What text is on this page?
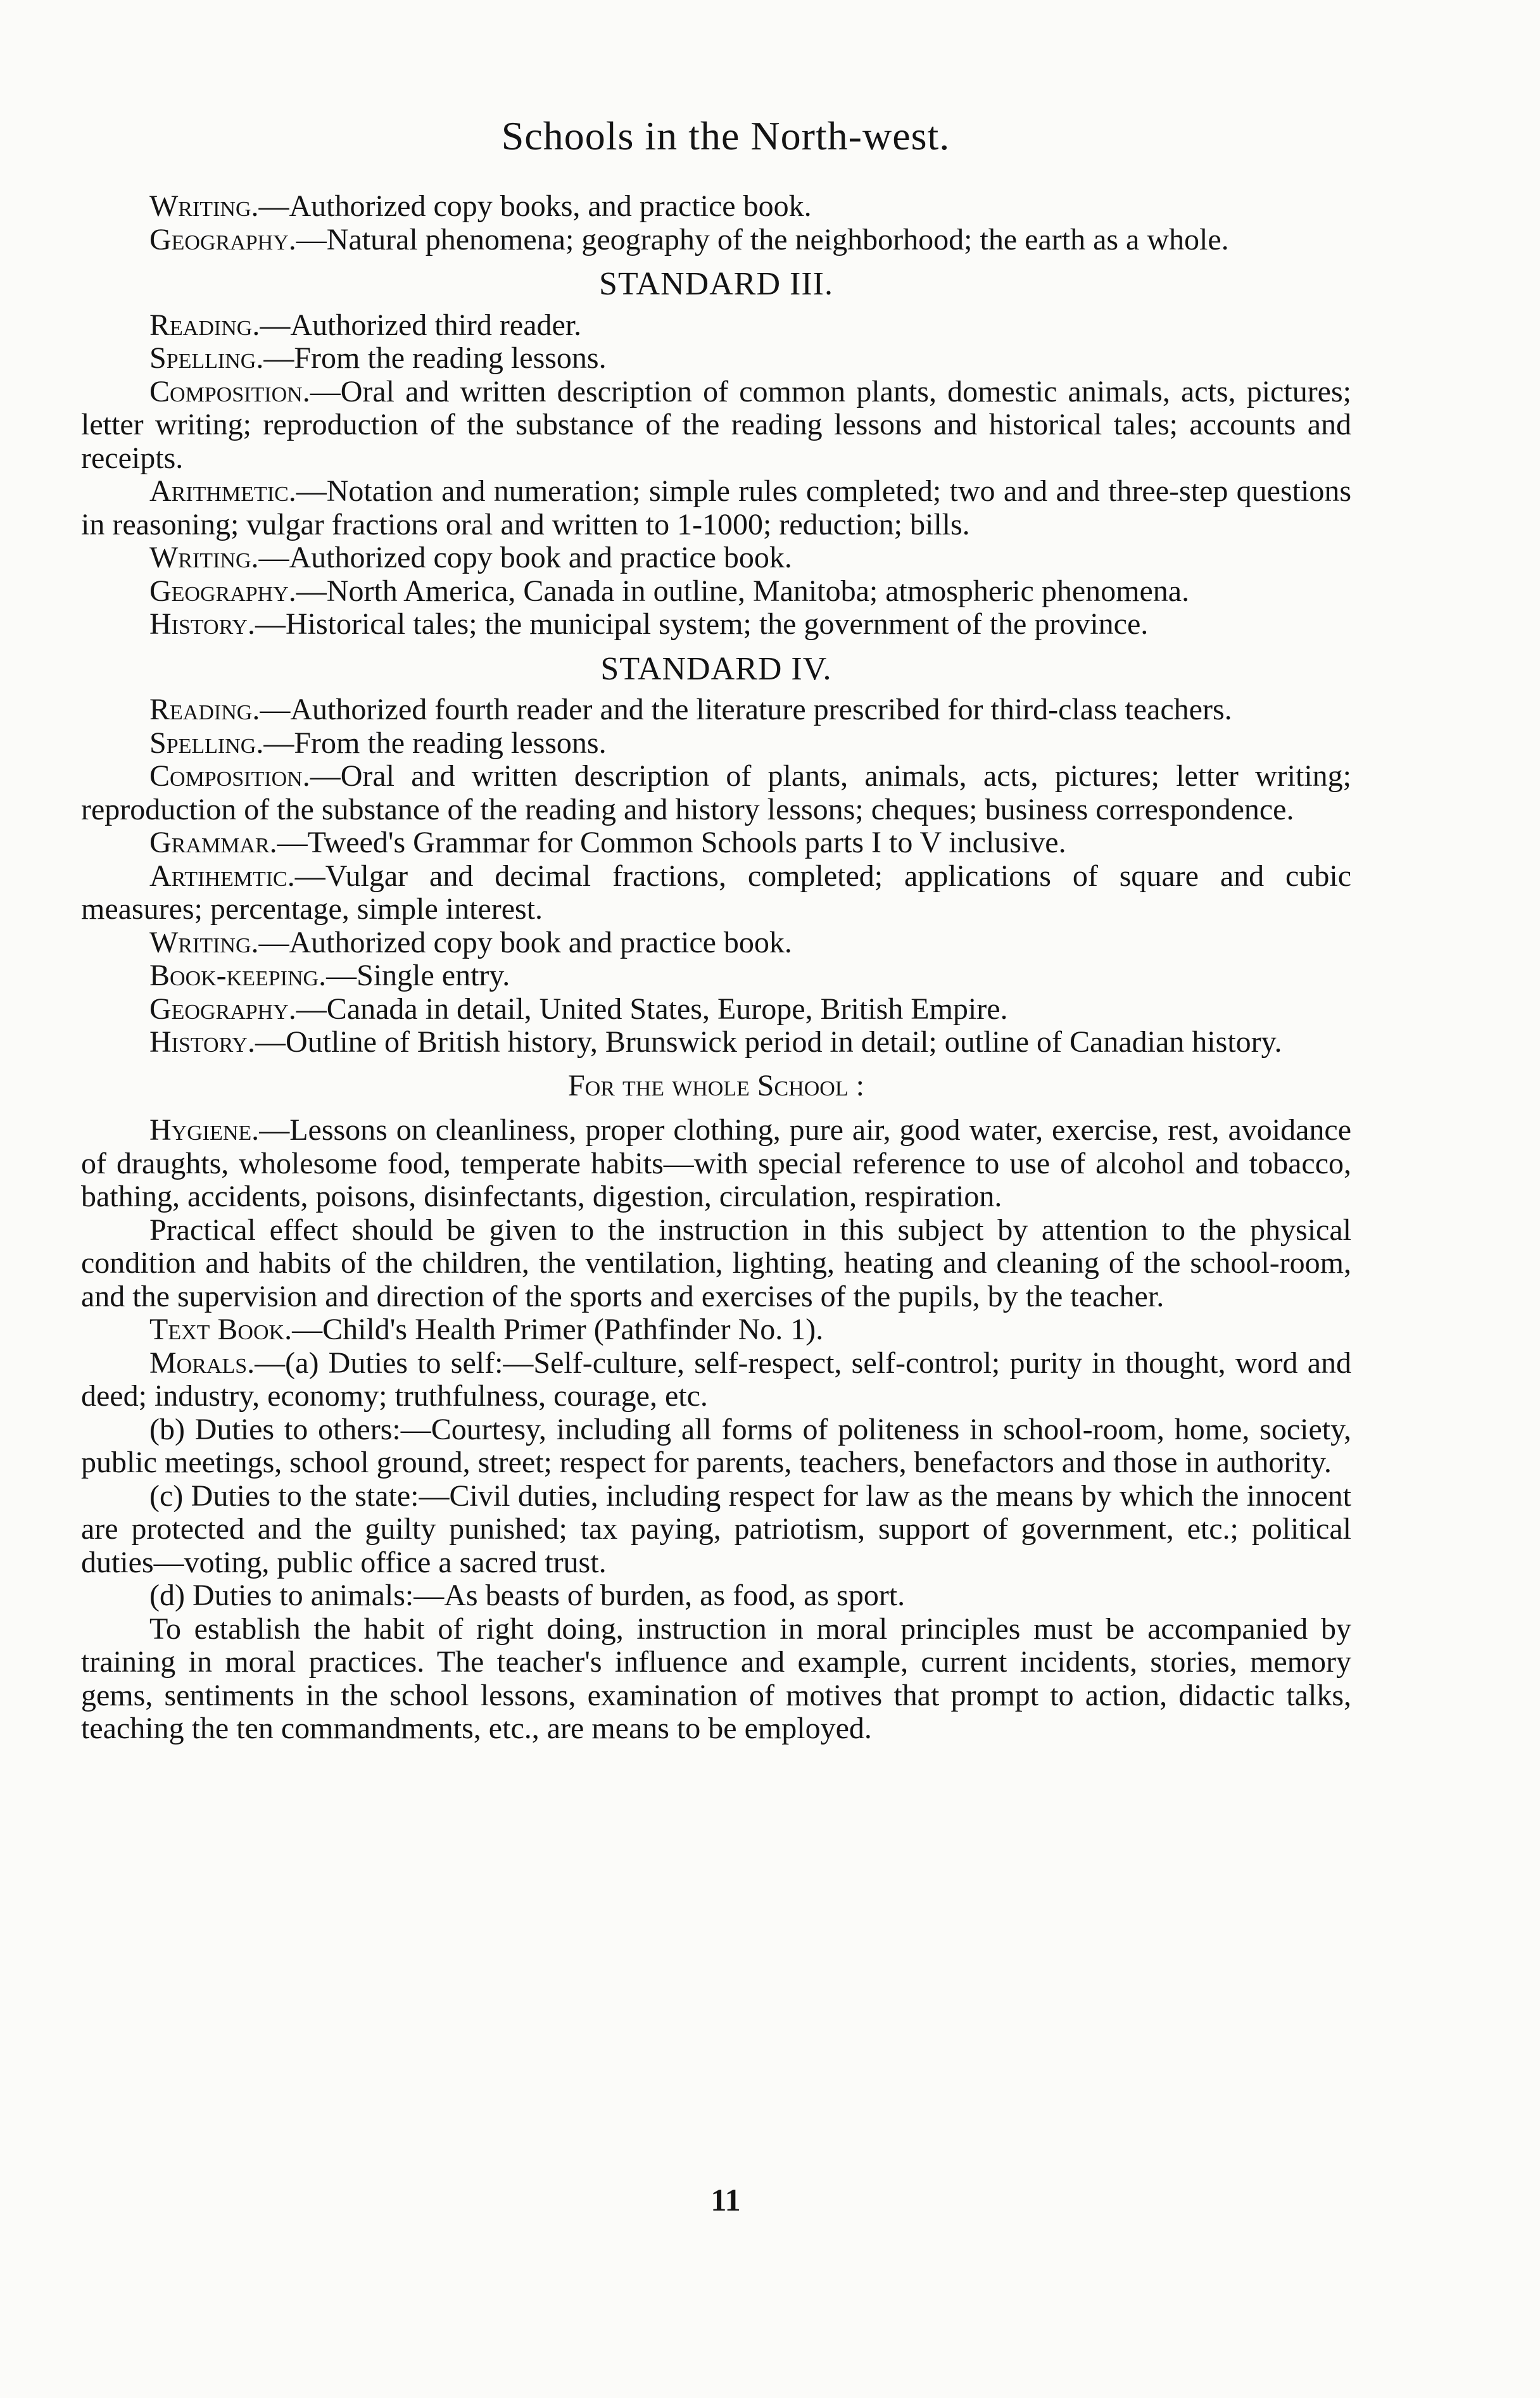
Schools in the North-west.

Writing.—Authorized copy books, and practice book.

Geography.—Natural phenomena; geography of the neighborhood; the earth as a whole.

STANDARD III.

Reading.—Authorized third reader.

Spelling.—From the reading lessons.

Composition.—Oral and written description of common plants, domestic animals, acts, pictures; letter writing; reproduction of the substance of the reading lessons and historical tales; accounts and receipts.

Arithmetic.—Notation and numeration; simple rules completed; two and and three-step questions in reasoning; vulgar fractions oral and written to 1-1000; reduction; bills.

Writing.—Authorized copy book and practice book.

Geography.—North America, Canada in outline, Manitoba; atmospheric phenomena.

History.—Historical tales; the municipal system; the government of the province.

STANDARD IV.

Reading.—Authorized fourth reader and the literature prescribed for third-class teachers.

Spelling.—From the reading lessons.

Composition.—Oral and written description of plants, animals, acts, pictures; letter writing; reproduction of the substance of the reading and history lessons; cheques; business correspondence.

Grammar.—Tweed's Grammar for Common Schools parts I to V inclusive.

Artihemtic.—Vulgar and decimal fractions, completed; applications of square and cubic measures; percentage, simple interest.

Writing.—Authorized copy book and practice book.

Book-keeping.—Single entry.

Geography.—Canada in detail, United States, Europe, British Empire.

History.—Outline of British history, Brunswick period in detail; outline of Canadian history.

For the whole School :

Hygiene.—Lessons on cleanliness, proper clothing, pure air, good water, exercise, rest, avoidance of draughts, wholesome food, temperate habits—with special reference to use of alcohol and tobacco, bathing, accidents, poisons, disinfectants, digestion, circulation, respiration.

Practical effect should be given to the instruction in this subject by attention to the physical condition and habits of the children, the ventilation, lighting, heating and cleaning of the school-room, and the supervision and direction of the sports and exercises of the pupils, by the teacher.

Text Book.—Child's Health Primer (Pathfinder No. 1).

Morals.—(a) Duties to self:—Self-culture, self-respect, self-control; purity in thought, word and deed; industry, economy; truthfulness, courage, etc.

(b) Duties to others:—Courtesy, including all forms of politeness in school-room, home, society, public meetings, school ground, street; respect for parents, teachers, benefactors and those in authority.

(c) Duties to the state:—Civil duties, including respect for law as the means by which the innocent are protected and the guilty punished; tax paying, patriotism, support of government, etc.; political duties—voting, public office a sacred trust.

(d) Duties to animals:—As beasts of burden, as food, as sport.

To establish the habit of right doing, instruction in moral principles must be accompanied by training in moral practices. The teacher's influence and example, current incidents, stories, memory gems, sentiments in the school lessons, examination of motives that prompt to action, didactic talks, teaching the ten commandments, etc., are means to be employed.

11
